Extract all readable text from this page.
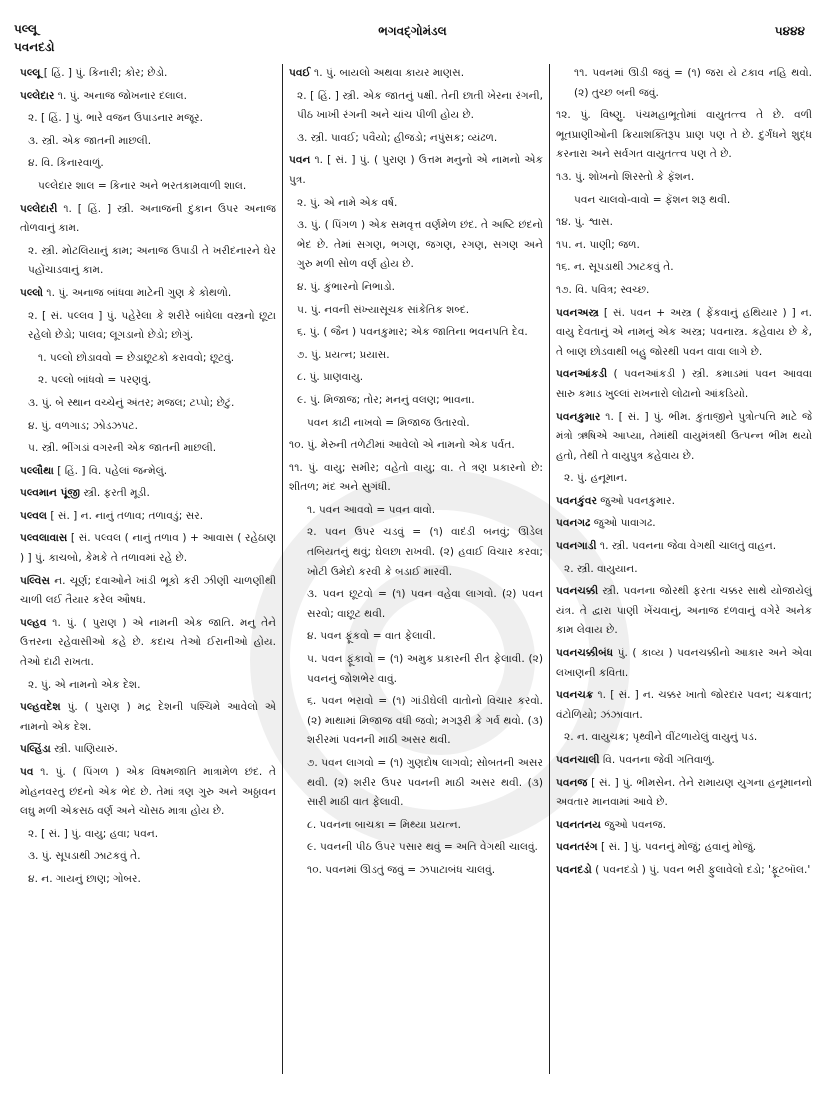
પલ્લૂ
પવનદડો
ભગવદ્ગોમંડલ	૫૪૪૪
પલ્લૂ [ હિં. ] પું. કિનારી; કોર; છેડો.
પલ્લેદાર ૧. પું. અનાજ જોખનાર દલાલ.
૨. [ હિં. ] પું. ભારે વજન ઉપાડનાર મજૂર.
૩. સ્ત્રી. એક જાતની માછલી.
૪. વિ. કિનારવાળું.
પલ્લેદાર શાલ = કિનાર અને ભરતકામવાળી શાલ.
પલ્લેદારી ૧. [ હિં. ] સ્ત્રી. અનાજની દુકાન ઉપર અનાજ તોળવાનું કામ.
૨. સ્ત્રી. મોટલિયાનું કામ; અનાજ ઉપાડી તે ખરીદનારને ઘેર પહોંચાડવાનું કામ.
પલ્લો ૧. પું. અનાજ બાંધવા માટેની ગુણ કે કોથળો.
૨. [ સં. પલ્લવ ] પું. પહેરેલા કે શરીરે બાંધેલા વસ્ત્રનો છૂટા રહેલો છેડો; પાલવ; લૂગડાનો છેડો; છોગું.
૧. પલ્લો છોડાવવો = છેડાછૂટકો કરાવવો; છૂટવું.
૨. પલ્લો બાંધવો = પરણવું.
૩. પું. બે સ્થાન વચ્ચેનું અંતર; મજલ; ટપ્પો; છેટું.
૪. પું. વળગાડ; ઝોડઝપટ.
૫. સ્ત્રી. ભીંગડાં વગરની એક જાતની માછલી.
પલ્લૌથા [ હિં. ] વિ. પહેલાં જન્મેલું.
પલ્વમાન પૂંજી સ્ત્રી. ફરતી મૂડી.
પલ્વલ [ સં. ] ન. નાનું તળાવ; તળાવડું; સર.
પલ્વલાવાસ [ સં. પલ્વલ ( નાનું તળાવ ) + આવાસ ( રહેઠાણ ) ] પું. કાચબો, કેમકે તે તળાવમાં રહે છે.
પલ્વિસ ન. ચૂર્ણ; દવાઓને ખાંડી ભૂકો કરી ઝીણી ચાળણીથી ચાળી લઈ તૈયાર કરેલ ઔષધ.
પલ્હવ ૧. પું. ( પુરાણ ) એ નામની એક જાતિ. મનુ તેને ઉત્તરના રહેવાસીઓ કહે છે. કદાચ તેઓ ઈરાનીઓ હોય. તેઓ દાઢી રાખતા.
૨. પું. એ નામનો એક દેશ.
પલ્હવદેશ પું. ( પુરાણ ) મદ્ર દેશની પશ્ચિમે આવેલો એ નામનો એક દેશ.
પલ્હિંડા સ્ત્રી. પાણિયારું.
પવ ૧. પું. ( પિંગળ ) એક વિષમજાતિ માત્રામેળ છંદ. તે મોહનવરતુ છંદનો એક ભેદ છે. તેમાં ત્રણ ગુરુ અને અઠ્ઠાવન લઘુ મળી એકસઠ વર્ણ અને ચોસઠ માત્રા હોય છે.
૨. [ સં. ] પું. વાયુ; હવા; પવન.
૩. પું. સૂપડાથી ઝાટકવું તે.
૪. ન. ગાયનું છાણ; ગોબર.
પવઈ ૧. પું. બાયલો અથવા કાયર માણસ.
૨. [ હિં. ] સ્ત્રી. એક જાતનું પક્ષી. તેની છાતી ખેરના રંગની, પીઠ ખાખી રંગની અને ચાંચ પીળી હોય છે.
૩. સ્ત્રી. પાવઈ; પવૈયો; હીજડો; નપુંસક; વ્યંઢળ.
પવન ૧. [ સં. ] પું. ( પુરાણ ) ઉત્તમ મનુનો એ નામનો એક પુત્ર.
૨. પું. એ નામે એક વર્ષ.
૩. પું. ( પિંગળ ) એક સમવૃત્ત વર્ણમેળ છંદ. તે અષ્ટિ છંદનો ભેદ છે. તેમાં સગણ, ભગણ, જગણ, રગણ, સગણ અને ગુરુ મળી સોળ વર્ણ હોય છે.
૪. પું. કુંભારનો નિભાડો.
૫. પું. નવની સંખ્યાસૂચક સાંકેતિક શબ્દ.
૬. પું. ( જૈન ) પવનકુમાર; એક જાતિના ભવનપતિ દેવ.
૭. પું. પ્રયત્ન; પ્રયાસ.
૮. પું. પ્રાણવાયુ.
૯. પું. મિજાજ; તોર; મનનું વલણ; ભાવના.
પવન કાઢી નાખવો = મિજાજ ઉતારવો.
૧૦. પું. મેરુની તળેટીમાં આવેલો એ નામનો એક પર્વત.
૧૧. પું. વાયુ; સમીર; વહેતો વાયુ; વા. તે ત્રણ પ્રકારનો છે: શીતળ; મંદ અને સુગંધી.
૧. પવન આવવો = પવન વાવો.
૨. પવન ઉપર ચડવું = (૧) વાદંડી બનવું; ઊડેલ તબિયતનું થવું; ઘેલછા રાખવી. (૨) હવાઈ વિચાર કરવા; ખોટી ઉમેદો કરવી કે બડાઈ મારવી.
૩. પવન છૂટવો = (૧) પવન વહેવા લાગવો. (૨) પવન સરવો; વાછૂટ થવી.
૪. પવન ફૂંકવો = વાત ફેલાવી.
૫. પવન ફૂંકાવો = (૧) અમુક પ્રકારની રીત ફેલાવી. (૨) પવનનું જોશભેર વાવું.
૬. પવન ભરાવો = (૧) ગાંડીઘેલી વાતોનો વિચાર કરવો. (૨) માથામાં મિજાજ વધી જવો; મગરૂરી કે ગર્વ થવો. (૩) શરીરમાં પવનની માઠી અસર થવી.
૭. પવન લાગવો = (૧) ગુણદોષ લાગવો; સોબતની અસર થવી. (૨) શરીર ઉપર પવનની માઠી અસર થવી. (૩) સારી માઠી વાત ફેલાવી.
૮. પવનના બાચકા = મિથ્યા પ્રયત્ન.
૯. પવનની પીઠ ઉપર પસાર થવું = અતિ વેગથી ચાલવું.
૧૦. પવનમાં ઊડતું જવું = ઝપાટાબંધ ચાલવું.
૧૧. પવનમાં ઊડી જવું = (૧) જરા યે ટકાવ નહિ થવો. (૨) તુચ્છ બની જવું.
૧૨. પું. વિષ્ણુ. પંચમહાભૂતોમાં વાયુતત્ત્વ તે છે. વળી ભૂતપ્રાણીઓની ક્રિયાશક્તિરૂપ પ્રાણ પણ તે છે. દુર્ગંધને શુદ્ધ કરનારા અને સર્વગત વાયુતત્ત્વ પણ તે છે.
૧૩. પું. શોખનો શિરસ્તો કે ફૅશન.
પવન ચાલવો-વાવો = ફૅશન શરૂ થવી.
૧૪. પું. શ્વાસ.
૧૫. ન. પાણી; જળ.
૧૬. ન. સૂપડાથી ઝાટકવું તે.
૧૭. વિ. પવિત્ર; સ્વચ્છ.
પવનઅસ્ત્ર [ સં. પવન + અસ્ત્ર ( ફેંકવાનું હથિયાર ) ] ન. વાયુ દેવતાનું એ નામનું એક અસ્ત્ર; પવનાસ્ત્ર. કહેવાય છે કે, તે બાણ છોડવાથી બહુ જોરથી પવન વાવા લાગે છે.
પવનઆંકડી ( પવનઆંકડી ) સ્ત્રી. કમાડમાં પવન આવવા સારુ કમાડ ખુલ્લાં રાખનારો લોઢાનો આંકડિયો.
પવનકુમાર ૧. [ સં. ] પું. ભીમ. કુંતાજીને પુત્રોત્પત્તિ માટે જે મંત્રો ઋષિએ આપ્યા, તેમાંથી વાયુમંત્રથી ઉત્પન્ન ભીમ થયો હતો, તેથી તે વાયુપુત્ર કહેવાય છે.
૨. પું. હનૂમાન.
પવનકુંવર જુઓ પવનકુમાર.
પવનગઢ જુઓ પાવાગઢ.
પવનગાડી ૧. સ્ત્રી. પવનના જેવા વેગથી ચાલતું વાહન.
૨. સ્ત્રી. વાયુયાન.
પવનચક્કી સ્ત્રી. પવનના જોરથી ફરતા ચક્કર સાથે યોજાયેલું યંત્ર. તે દ્વારા પાણી ખેંચવાનું, અનાજ દળવાનું વગેરે અનેક કામ લેવાય છે.
પવનચક્કીબંધ પું. ( કાવ્ય ) પવનચક્કીનો આકાર અને એવા લખાણની કવિતા.
પવનચક્ર ૧. [ સં. ] ન. ચક્કર ખાતો જોરદાર પવન; ચક્રવાત; વંટોળિયો; ઝંઝાવાત.
૨. ન. વાયુચક્ર; પૃથ્વીને વીંટળાયેલું વાયુનું પડ.
પવનચાલી વિ. પવનના જેવી ગતિવાળું.
પવનજ [ સં. ] પું. ભીમસેન. તેને રામાયણ યુગના હનૂમાનનો અવતાર માનવામાં આવે છે.
પવનતનય જુઓ પવનજ.
પવનતરંગ [ સં. ] પું. પવનનું મોજું; હવાનું મોજું.
પવનદડો ( પવનદડો ) પું. પવન ભરી ફુલાવેલો દડો; 'ફૂટબૉલ.'
